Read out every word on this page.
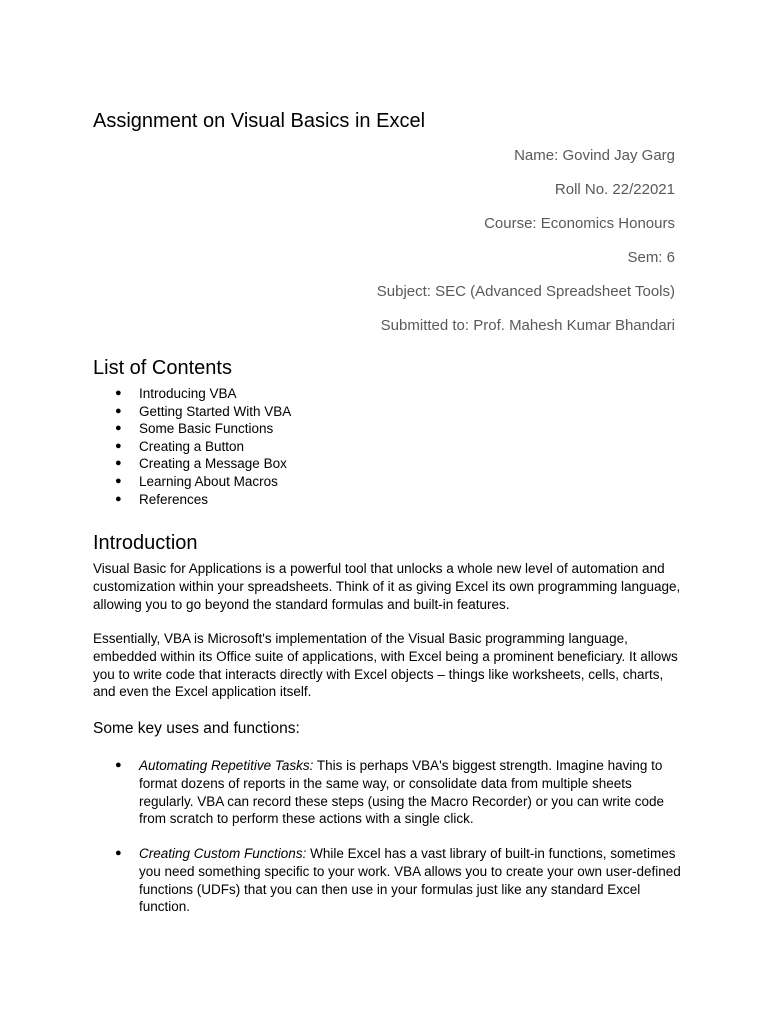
Assignment on Visual Basics in Excel
Name: Govind Jay Garg
Roll No. 22/22021
Course: Economics Honours
Sem: 6
Subject: SEC (Advanced Spreadsheet Tools)
Submitted to: Prof. Mahesh Kumar Bhandari
List of Contents
● Introducing VBA
● Getting Started With VBA
● Some Basic Functions
● Creating a Button
● Creating a Message Box
● Learning About Macros
● References
Introduction

Visual Basic for Applications is a powerful tool that unlocks a whole new level of automation and customization within your spreadsheets. Think of it as giving Excel its own programming language, allowing you to go beyond the standard formulas and built-in features.

Essentially, VBA is Microsoft's implementation of the Visual Basic programming language, embedded within its Office suite of applications, with Excel being a prominent beneficiary. It allows you to write code that interacts directly with Excel objects – things like worksheets, cells, charts, and even the Excel application itself.

Some key uses and functions:
● Automating Repetitive Tasks: This is perhaps VBA's biggest strength. Imagine having to format dozens of reports in the same way, or consolidate data from multiple sheets regularly. VBA can record these steps (using the Macro Recorder) or you can write code from scratch to perform these actions with a single click.
● Creating Custom Functions: While Excel has a vast library of built-in functions, sometimes you need something specific to your work. VBA allows you to create your own user-defined functions (UDFs) that you can then use in your formulas just like any standard Excel function.
